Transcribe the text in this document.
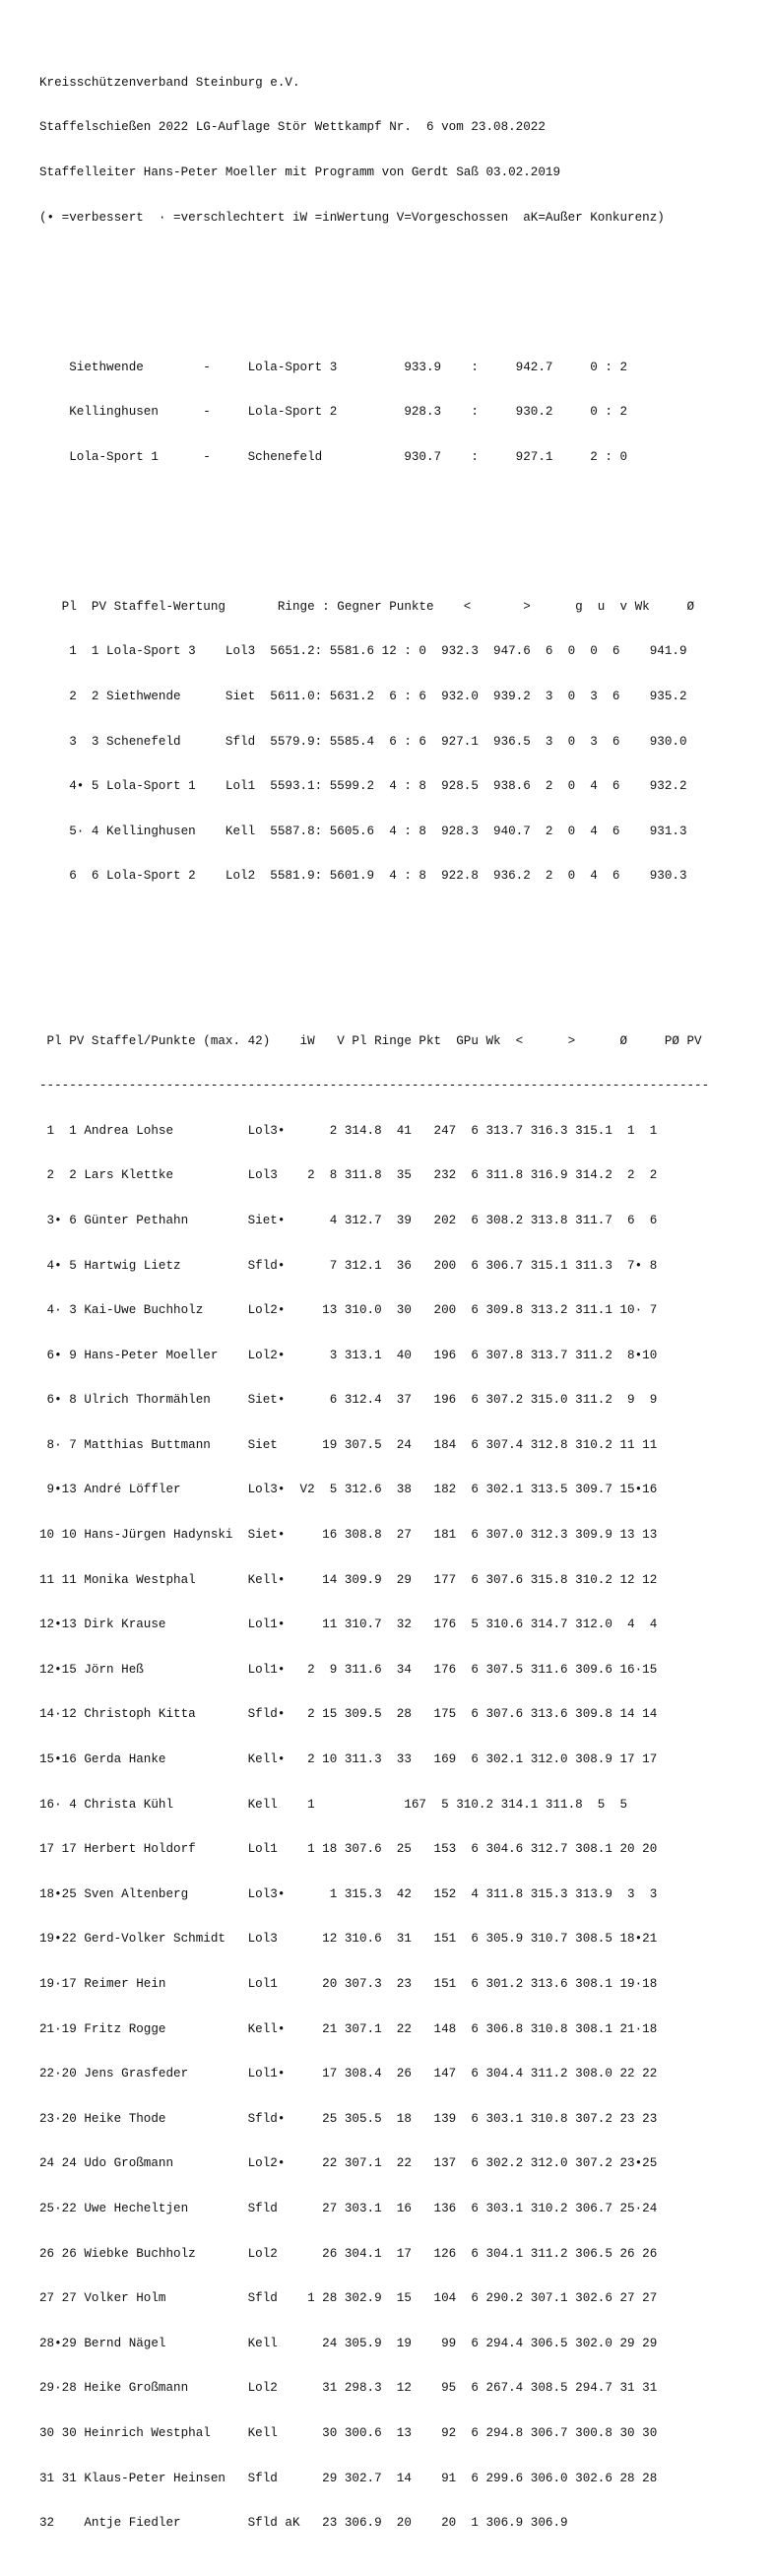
Kreisschützenverband Steinburg e.V.

Staffelschießen 2022 LG-Auflage Stör Wettkampf Nr.  6 vom 23.08.2022

Staffelleiter Hans-Peter Moeller mit Programm von Gerdt Saß 03.02.2019

(• =verbessert  · =verschlechtert iW =inWertung V=Vorgeschossen  aK=Außer Konkurenz)

Siethwende        -     Lola-Sport 3         933.9    :     942.7     0 : 2

Kellinghusen      -     Lola-Sport 2         928.3    :     930.2     0 : 2

Lola-Sport 1      -     Schenefeld           930.7    :     927.1     2 : 0

Pl  PV Staffel-Wertung       Ringe : Gegner Punkte    <       >      g  u  v Wk     Ø

1  1 Lola-Sport 3    Lol3  5651.2: 5581.6 12 : 0  932.3  947.6  6  0  0  6    941.9

2  2 Siethwende      Siet  5611.0: 5631.2  6 : 6  932.0  939.2  3  0  3  6    935.2

3  3 Schenefeld      Sfld  5579.9: 5585.4  6 : 6  927.1  936.5  3  0  3  6    930.0

4• 5 Lola-Sport 1    Lol1  5593.1: 5599.2  4 : 8  928.5  938.6  2  0  4  6    932.2

5· 4 Kellinghusen    Kell  5587.8: 5605.6  4 : 8  928.3  940.7  2  0  4  6    931.3

6  6 Lola-Sport 2    Lol2  5581.9: 5601.9  4 : 8  922.8  936.2  2  0  4  6    930.3

Pl PV Staffel/Punkte (max. 42)    iW   V Pl Ringe Pkt  GPu Wk  <      >      Ø     PØ PV

------------------------------------------------------------------------------------------

1  1 Andrea Lohse          Lol3•      2 314.8  41   247  6 313.7 316.3 315.1  1  1

2  2 Lars Klettke          Lol3    2  8 311.8  35   232  6 311.8 316.9 314.2  2  2

3• 6 Günter Pethahn        Siet•      4 312.7  39   202  6 308.2 313.8 311.7  6  6

4• 5 Hartwig Lietz         Sfld•      7 312.1  36   200  6 306.7 315.1 311.3  7• 8

4· 3 Kai-Uwe Buchholz      Lol2•     13 310.0  30   200  6 309.8 313.2 311.1 10· 7

6• 9 Hans-Peter Moeller    Lol2•      3 313.1  40   196  6 307.8 313.7 311.2  8•10

6• 8 Ulrich Thormählen     Siet•      6 312.4  37   196  6 307.2 315.0 311.2  9  9

8· 7 Matthias Buttmann     Siet      19 307.5  24   184  6 307.4 312.8 310.2 11 11

9•13 André Löffler         Lol3•  V2  5 312.6  38   182  6 302.1 313.5 309.7 15•16

10 10 Hans-Jürgen Hadynski  Siet•     16 308.8  27   181  6 307.0 312.3 309.9 13 13

11 11 Monika Westphal       Kell•     14 309.9  29   177  6 307.6 315.8 310.2 12 12

12•13 Dirk Krause           Lol1•     11 310.7  32   176  5 310.6 314.7 312.0  4  4

12•15 Jörn Heß              Lol1•   2  9 311.6  34   176  6 307.5 311.6 309.6 16·15

14·12 Christoph Kitta       Sfld•   2 15 309.5  28   175  6 307.6 313.6 309.8 14 14

15•16 Gerda Hanke           Kell•   2 10 311.3  33   169  6 302.1 312.0 308.9 17 17

16· 4 Christa Kühl          Kell    1            167  5 310.2 314.1 311.8  5  5

17 17 Herbert Holdorf       Lol1    1 18 307.6  25   153  6 304.6 312.7 308.1 20 20

18•25 Sven Altenberg        Lol3•      1 315.3  42   152  4 311.8 315.3 313.9  3  3

19•22 Gerd-Volker Schmidt   Lol3      12 310.6  31   151  6 305.9 310.7 308.5 18•21

19·17 Reimer Hein           Lol1      20 307.3  23   151  6 301.2 313.6 308.1 19·18

21·19 Fritz Rogge           Kell•     21 307.1  22   148  6 306.8 310.8 308.1 21·18

22·20 Jens Grasfeder        Lol1•     17 308.4  26   147  6 304.4 311.2 308.0 22 22

23·20 Heike Thode           Sfld•     25 305.5  18   139  6 303.1 310.8 307.2 23 23

24 24 Udo Großmann          Lol2•     22 307.1  22   137  6 302.2 312.0 307.2 23•25

25·22 Uwe Hecheltjen        Sfld      27 303.1  16   136  6 303.1 310.2 306.7 25·24

26 26 Wiebke Buchholz       Lol2      26 304.1  17   126  6 304.1 311.2 306.5 26 26

27 27 Volker Holm           Sfld    1 28 302.9  15   104  6 290.2 307.1 302.6 27 27

28•29 Bernd Nägel           Kell      24 305.9  19    99  6 294.4 306.5 302.0 29 29

29·28 Heike Großmann        Lol2      31 298.3  12    95  6 267.4 308.5 294.7 31 31

30 30 Heinrich Westphal     Kell      30 300.6  13    92  6 294.8 306.7 300.8 30 30

31 31 Klaus-Peter Heinsen   Sfld      29 302.7  14    91  6 299.6 306.0 302.6 28 28

32    Antje Fiedler         Sfld aK   23 306.9  20    20  1 306.9 306.9
